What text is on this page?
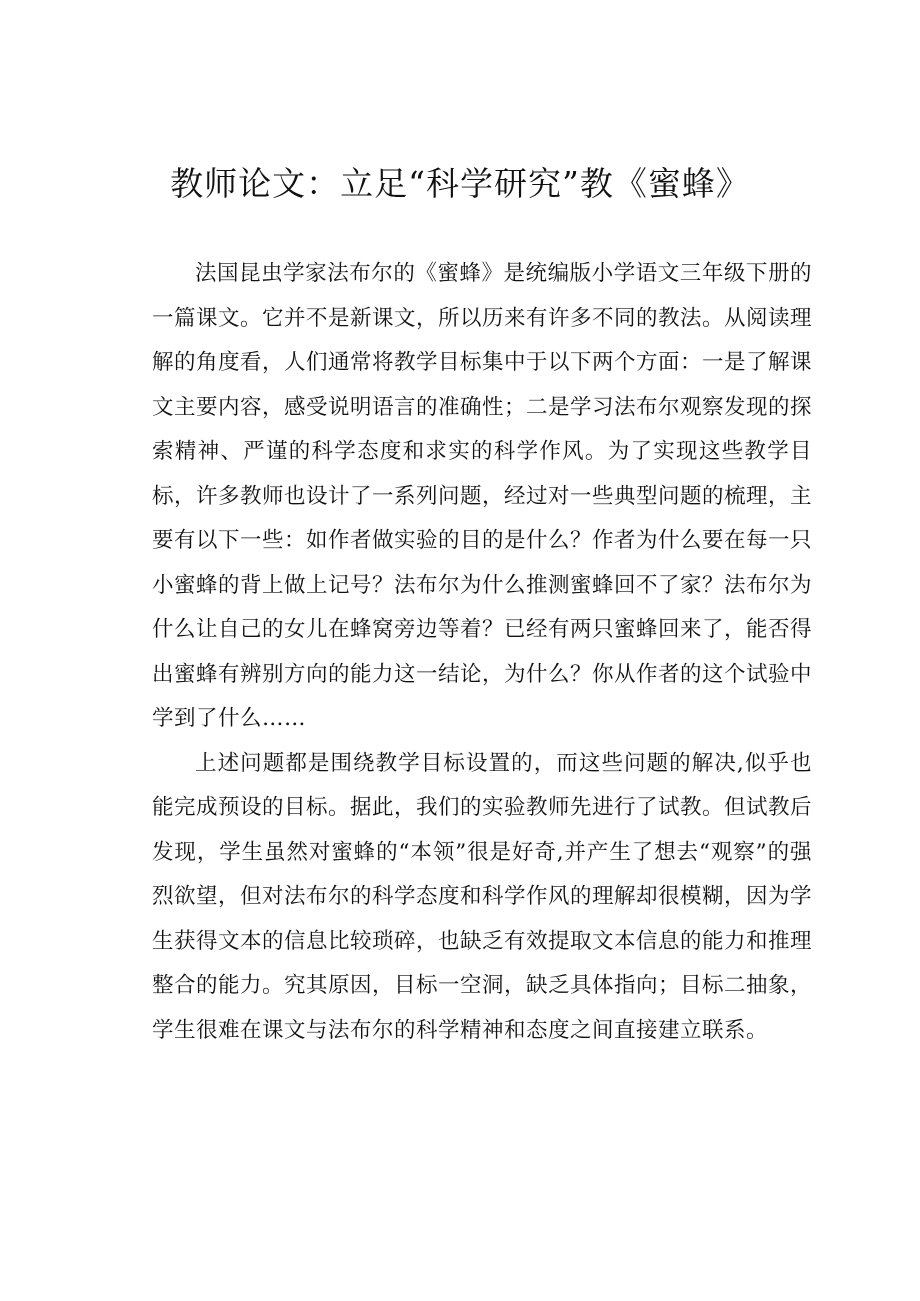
教师论文：立足“科学研究”教《蜜蜂》

法国昆虫学家法布尔的《蜜蜂》是统编版小学语文三年级下册的一篇课文。它并不是新课文，所以历来有许多不同的教法。从阅读理解的角度看，人们通常将教学目标集中于以下两个方面：一是了解课文主要内容，感受说明语言的准确性；二是学习法布尔观察发现的探索精神、严谨的科学态度和求实的科学作风。为了实现这些教学目标，许多教师也设计了一系列问题，经过对一些典型问题的梳理，主要有以下一些：如作者做实验的目的是什么？作者为什么要在每一只小蜜蜂的背上做上记号？法布尔为什么推测蜜蜂回不了家？法布尔为什么让自己的女儿在蜂窝旁边等着？已经有两只蜜蜂回来了，能否得出蜜蜂有辨别方向的能力这一结论，为什么？你从作者的这个试验中学到了什么……

上述问题都是围绕教学目标设置的，而这些问题的解决,似乎也能完成预设的目标。据此，我们的实验教师先进行了试教。但试教后发现，学生虽然对蜜蜂的“本领”很是好奇,并产生了想去“观察”的强烈欲望，但对法布尔的科学态度和科学作风的理解却很模糊，因为学生获得文本的信息比较琐碎，也缺乏有效提取文本信息的能力和推理整合的能力。究其原因，目标一空洞，缺乏具体指向；目标二抽象，学生很难在课文与法布尔的科学精神和态度之间直接建立联系。
